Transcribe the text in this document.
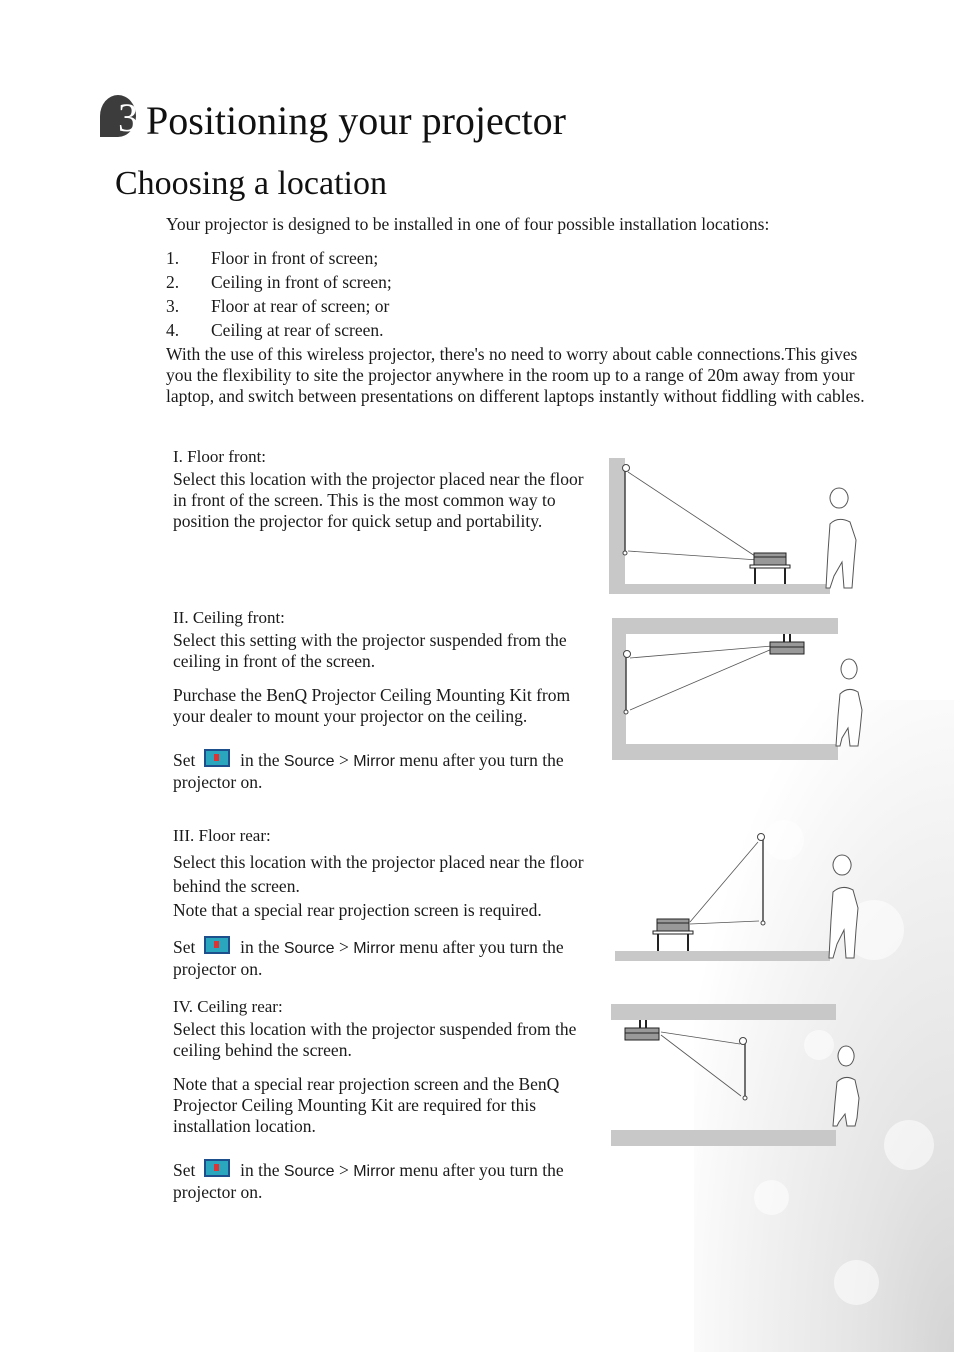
3 Positioning your projector
Choosing a location
Your projector is designed to be installed in one of four possible installation locations:
1.	Floor in front of screen;
2.	Ceiling in front of screen;
3.	Floor at rear of screen; or
4.	Ceiling at rear of screen.
With the use of this wireless projector, there's no need to worry about cable connections.This gives you the flexibility to site the projector anywhere in the room up to a range of 20m away from your laptop, and switch between presentations on different laptops instantly without fiddling with cables.

I. Floor front:

Select this location with the projector placed near the floor in front of the screen. This is the most common way to position the projector for quick setup and portability.

II. Ceiling front:

Select this setting with the projector suspended from the ceiling in front of the screen.

Purchase the BenQ Projector Ceiling Mounting Kit from your dealer to mount your projector on the ceiling.

Set	in the Source > Mirror menu after you turn the projector on.

III. Floor rear:

Select this location with the projector placed near the floor behind the screen.

Note that a special rear projection screen is required.

Set	in the Source > Mirror menu after you turn the projector on.

IV. Ceiling rear:

Select this location with the projector suspended from the ceiling behind the screen.

Note that a special rear projection screen and the BenQ Projector Ceiling Mounting Kit are required for this installation location.

Set	in the Source > Mirror menu after you turn the projector on.
